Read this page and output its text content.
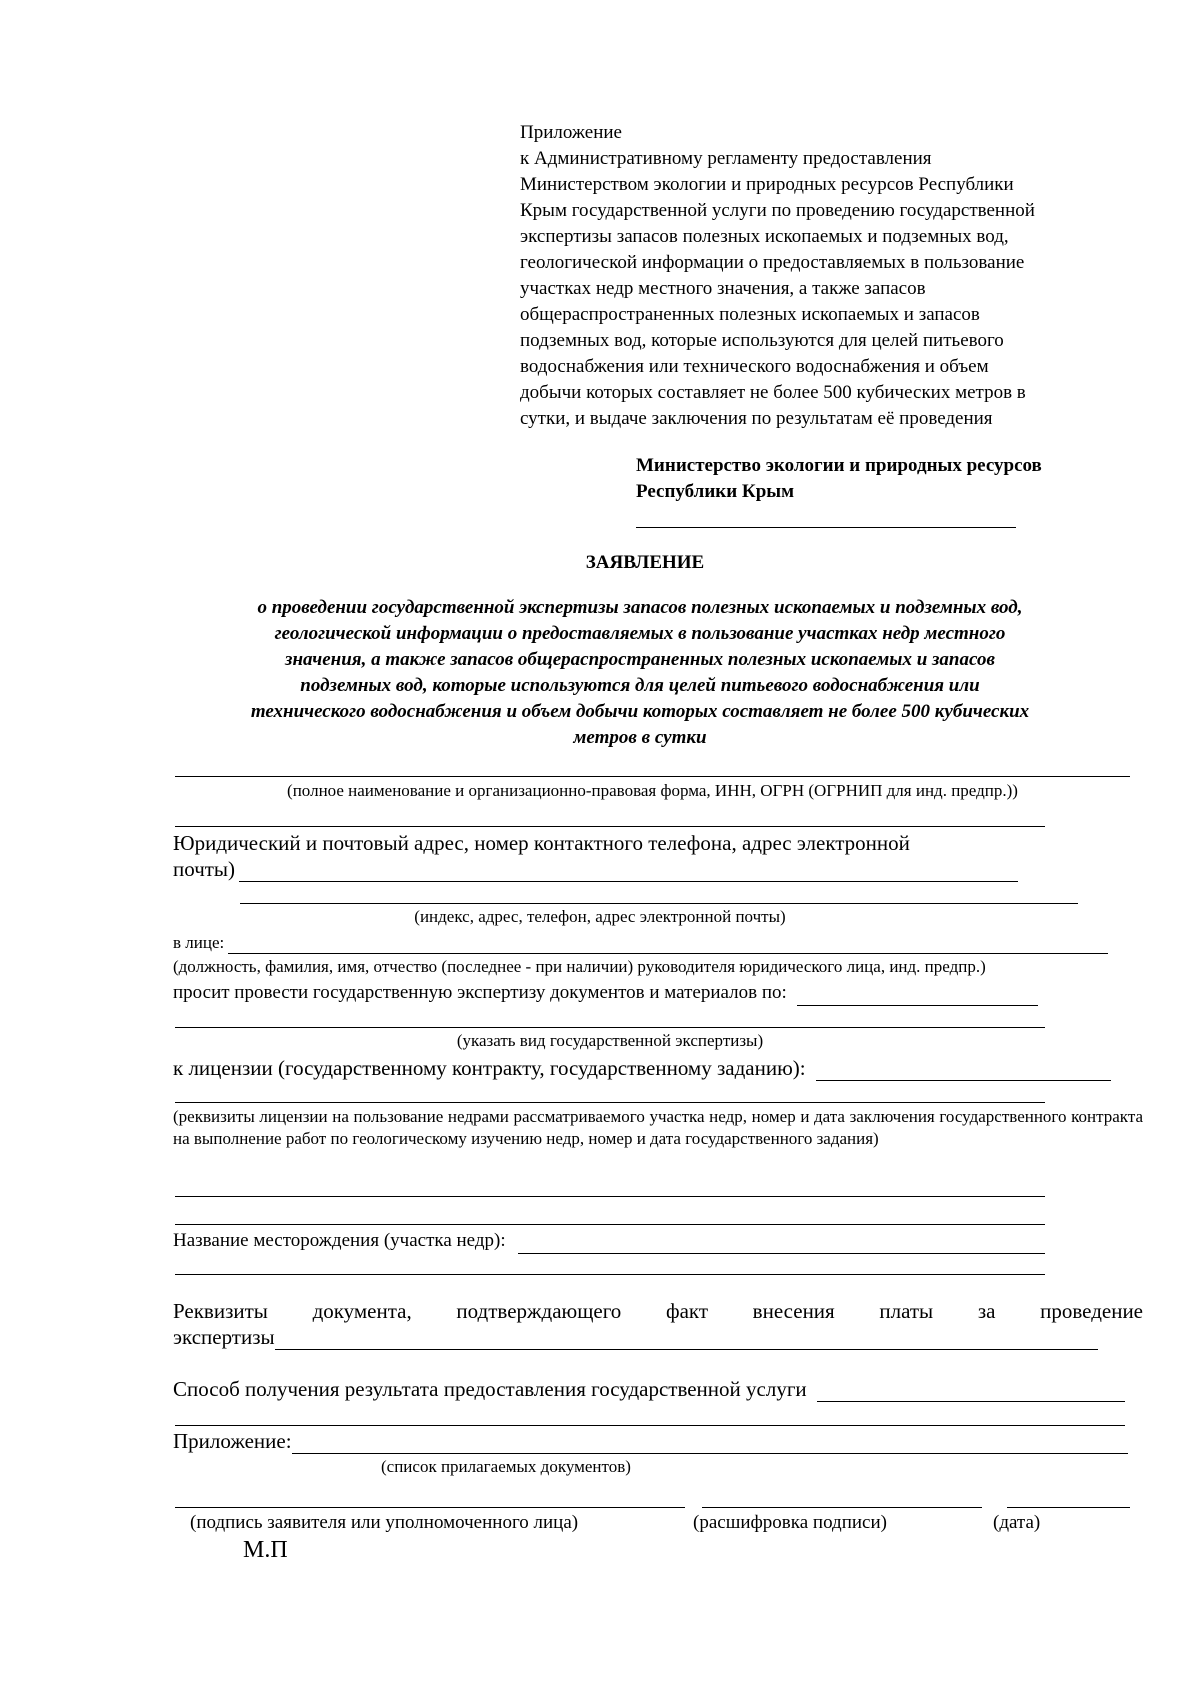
Приложение
к Административному регламенту предоставления
Министерством экологии и природных ресурсов Республики
Крым государственной услуги по проведению государственной
экспертизы запасов полезных ископаемых и подземных вод,
геологической информации о предоставляемых в пользование
участках недр местного значения, а также запасов
общераспространенных полезных ископаемых и запасов
подземных вод, которые используются для целей питьевого
водоснабжения или технического водоснабжения и объем
добычи которых составляет не более 500 кубических метров в
сутки, и выдаче заключения по результатам её проведения
Министерство экологии и природных ресурсов
Республики Крым
ЗАЯВЛЕНИЕ
о проведении государственной экспертизы запасов полезных ископаемых и подземных вод,
геологической информации о предоставляемых в пользование участках недр местного
значения, а также запасов общераспространенных полезных ископаемых и запасов
подземных вод, которые используются для целей питьевого водоснабжения или
технического водоснабжения и объем добычи которых составляет не более 500 кубических
метров в сутки
(полное наименование и организационно-правовая форма, ИНН, ОГРН (ОГРНИП для инд. предпр.))
Юридический и почтовый адрес, номер контактного телефона, адрес электронной
почты)
(индекс, адрес, телефон, адрес электронной почты)
в лице:
(должность, фамилия, имя, отчество (последнее - при наличии) руководителя юридического лица, инд. предпр.)
просит провести государственную экспертизу документов и материалов по:
(указать вид государственной экспертизы)
к лицензии (государственному контракту, государственному заданию):
(реквизиты лицензии на пользование недрами рассматриваемого участка недр, номер и дата заключения государственного контракта на выполнение работ по геологическому изучению недр, номер и дата государственного задания)
Название месторождения (участка недр):
Реквизиты документа, подтверждающего факт внесения платы за проведение
экспертизы
Способ получения результата предоставления государственной услуги
Приложение:
(список прилагаемых документов)
(подпись заявителя или уполномоченного лица)	(расшифровка подписи)	(дата)
М.П
